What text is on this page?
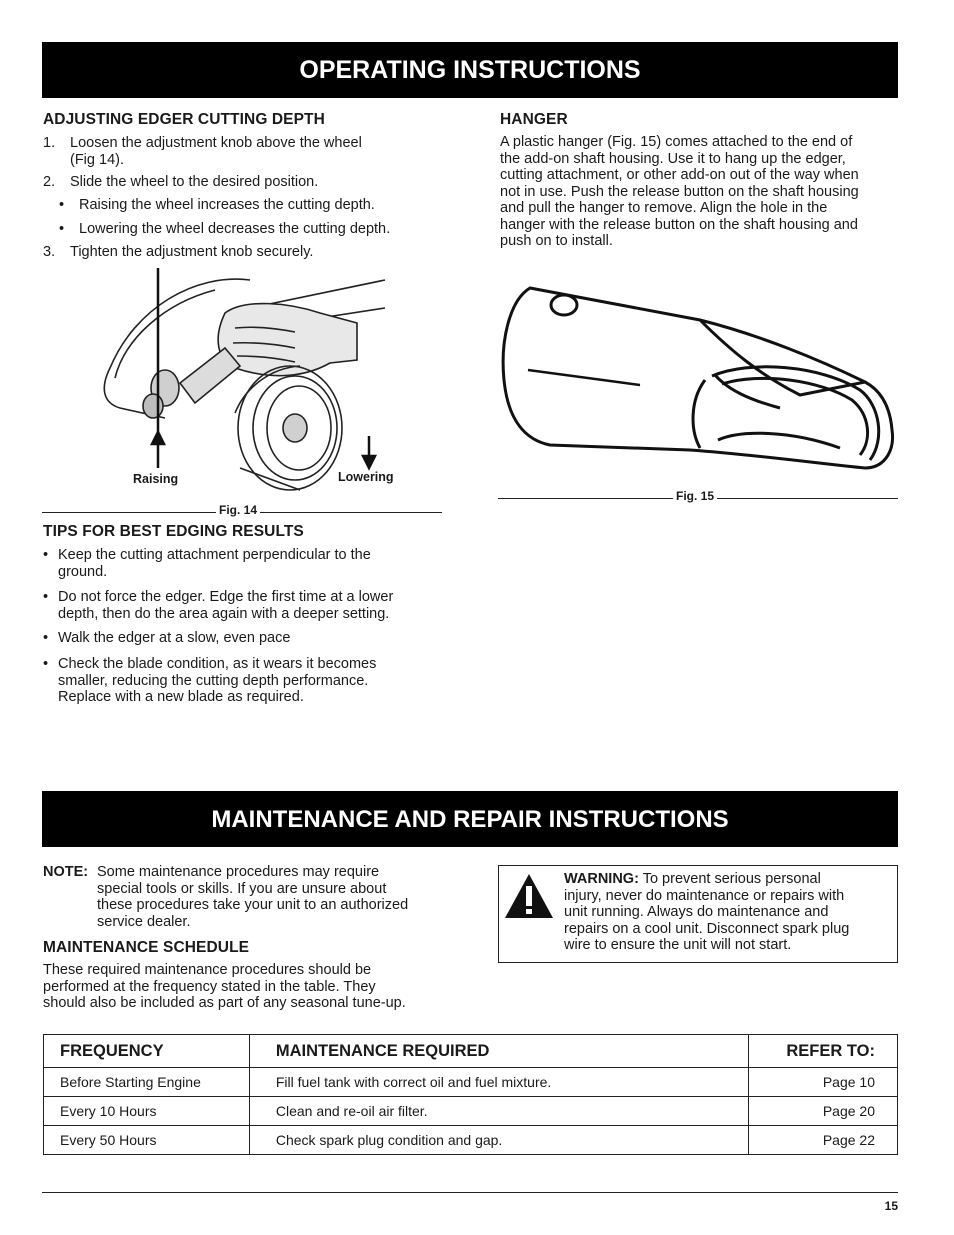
OPERATING INSTRUCTIONS
ADJUSTING EDGER CUTTING DEPTH
1.	Loosen the adjustment knob above the wheel
(Fig 14).
2.	Slide the wheel to the desired position.
•	Raising the wheel increases the cutting depth.
•	Lowering the wheel decreases the cutting depth.
3.	Tighten the adjustment knob securely.
Raising	Lowering
Fig. 14
TIPS FOR BEST EDGING RESULTS
• Keep the cutting attachment perpendicular to the
ground.
• Do not force the edger. Edge the first time at a lower
depth, then do the area again with a deeper setting.
• Walk the edger at a slow, even pace
• Check the blade condition, as it wears it becomes
smaller, reducing the cutting depth performance.
Replace with a new blade as required.
HANGER
A plastic hanger (Fig. 15) comes attached to the end of
the add-on shaft housing. Use it to hang up the edger,
cutting attachment, or other add-on out of the way when
not in use. Push the release button on the shaft housing
and pull the hanger to remove. Align the hole in the
hanger with the release button on the shaft housing and
push on to install.
Fig. 15
MAINTENANCE AND REPAIR INSTRUCTIONS
NOTE: Some maintenance procedures may require
special tools or skills. If you are unsure about
these procedures take your unit to an authorized
service dealer.
MAINTENANCE SCHEDULE
These required maintenance procedures should be
performed at the frequency stated in the table. They
should also be included as part of any seasonal tune-up.
WARNING: To prevent serious personal
injury, never do maintenance or repairs with
unit running. Always do maintenance and
repairs on a cool unit. Disconnect spark plug
wire to ensure the unit will not start.
FREQUENCY	MAINTENANCE REQUIRED	REFER TO:
Before Starting Engine	Fill fuel tank with correct oil and fuel mixture.	Page 10
Every 10 Hours	Clean and re-oil air filter.	Page 20
Every 50 Hours	Check spark plug condition and gap.	Page 22
15
